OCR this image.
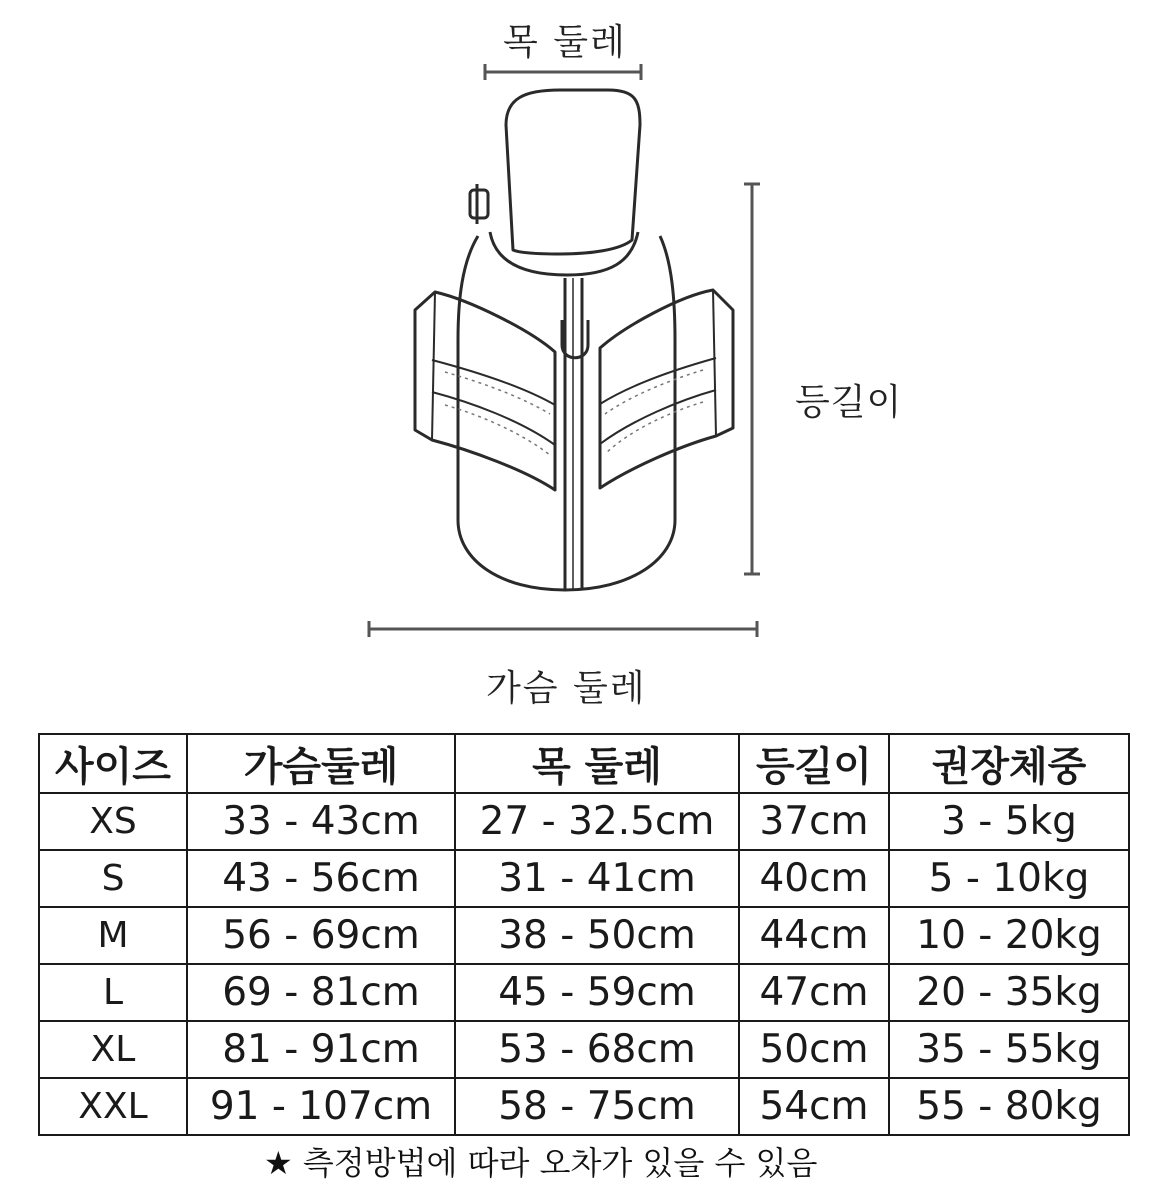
목 둘레
등길이
가슴 둘레
사이즈	가슴둘레	목 둘레	등길이	권장체중
XS	33 - 43cm	27 - 32.5cm	37cm	3 - 5kg
S	43 - 56cm	31 - 41cm	40cm	5 - 10kg
M	56 - 69cm	38 - 50cm	44cm	10 - 20kg
L	69 - 81cm	45 - 59cm	47cm	20 - 35kg
XL	81 - 91cm	53 - 68cm	50cm	35 - 55kg
XXL	91 - 107cm	58 - 75cm	54cm	55 - 80kg
★ 측정방법에 따라 오차가 있을 수 있음
